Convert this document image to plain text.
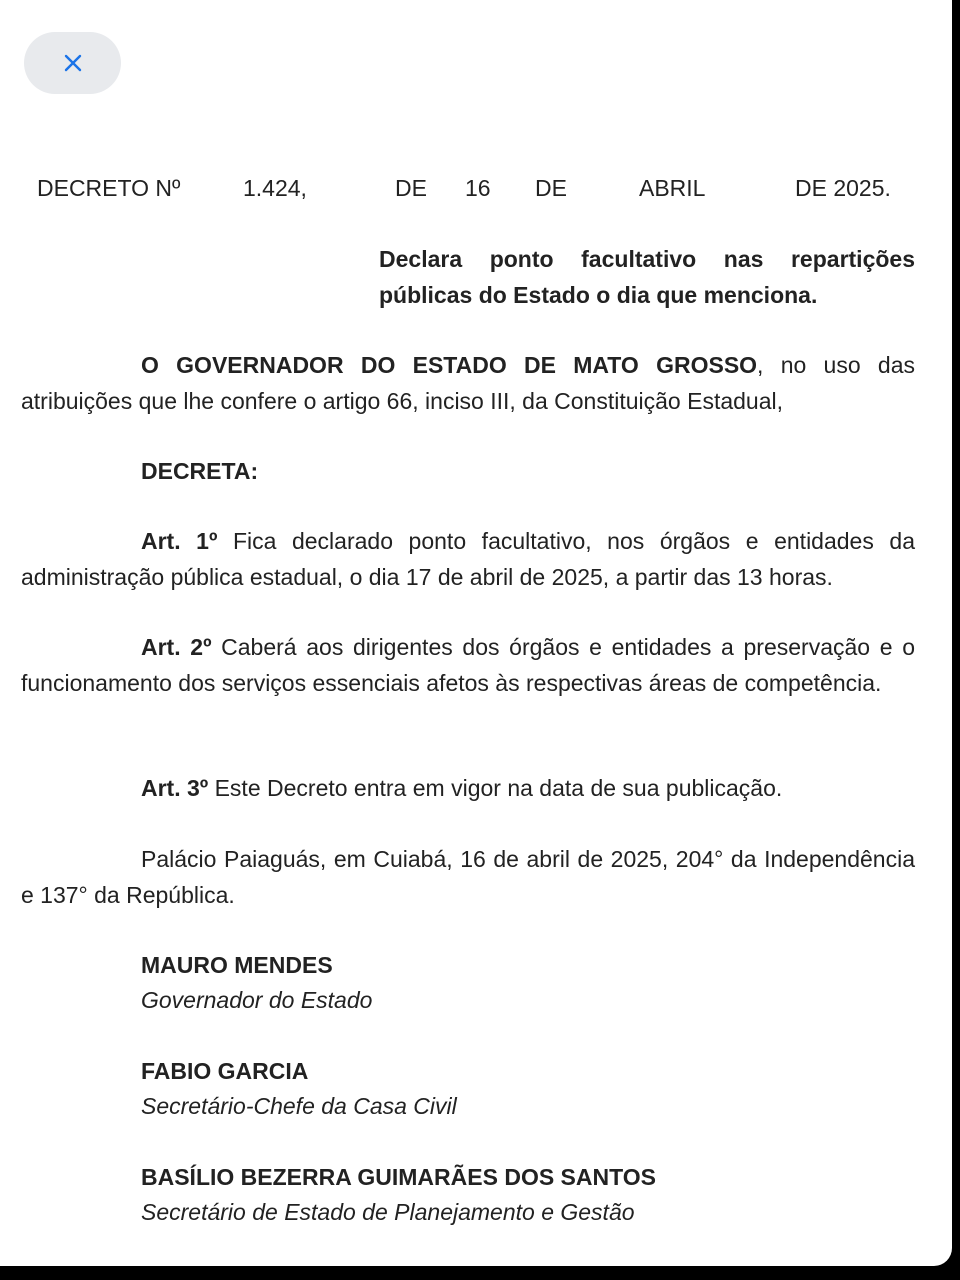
DECRETO Nº	1.424,	DE 16 DE	ABRIL	DE 2025.
Declara ponto facultativo nas repartições públicas do Estado o dia que menciona.
O GOVERNADOR DO ESTADO DE MATO GROSSO, no uso das atribuições que lhe confere o artigo 66, inciso III, da Constituição Estadual,
DECRETA:
Art. 1º Fica declarado ponto facultativo, nos órgãos e entidades da administração pública estadual, o dia 17 de abril de 2025, a partir das 13 horas.
Art. 2º Caberá aos dirigentes dos órgãos e entidades a preservação e o funcionamento dos serviços essenciais afetos às respectivas áreas de competência.
Art. 3º Este Decreto entra em vigor na data de sua publicação.
Palácio Paiaguás, em Cuiabá, 16 de abril de 2025, 204° da Independência e 137° da República.
MAURO MENDES
Governador do Estado
FABIO GARCIA
Secretário-Chefe da Casa Civil
BASÍLIO BEZERRA GUIMARÃES DOS SANTOS
Secretário de Estado de Planejamento e Gestão
